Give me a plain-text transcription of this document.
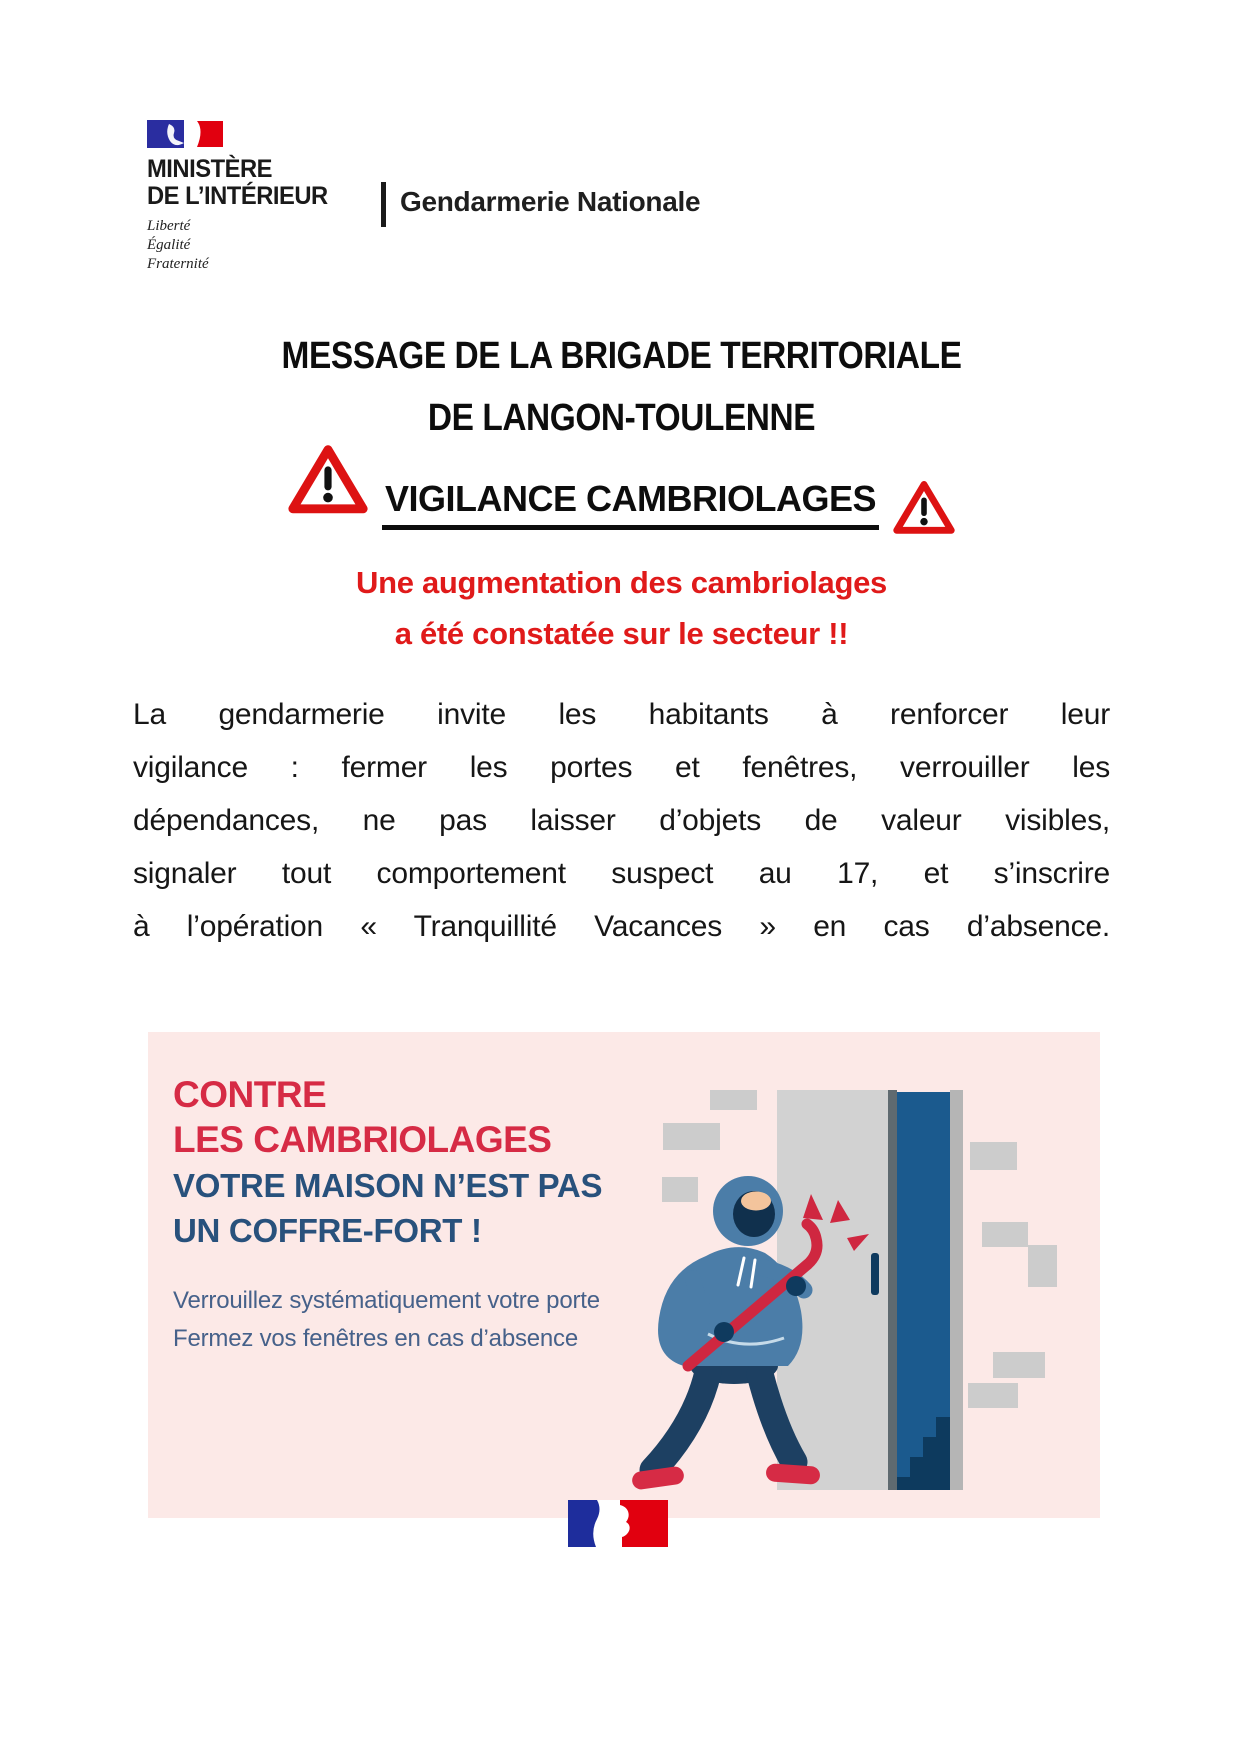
MINISTÈRE
DE L’INTÉRIEUR
Liberté
Égalité
Fraternité
Gendarmerie Nationale
MESSAGE DE LA BRIGADE TERRITORIALE
DE LANGON-TOULENNE
VIGILANCE CAMBRIOLAGES
Une augmentation des cambriolages
a été constatée sur le secteur !!
La gendarmerie invite les habitants à renforcer leur
vigilance : fermer les portes et fenêtres, verrouiller les
dépendances, ne pas laisser d’objets de valeur visibles,
signaler tout comportement suspect au 17, et s’inscrire
à l’opération « Tranquillité Vacances » en cas d’absence.
CONTRE
LES CAMBRIOLAGES
VOTRE MAISON N’EST PAS
UN COFFRE-FORT !
Verrouillez systématiquement votre porte
Fermez vos fenêtres en cas d’absence
